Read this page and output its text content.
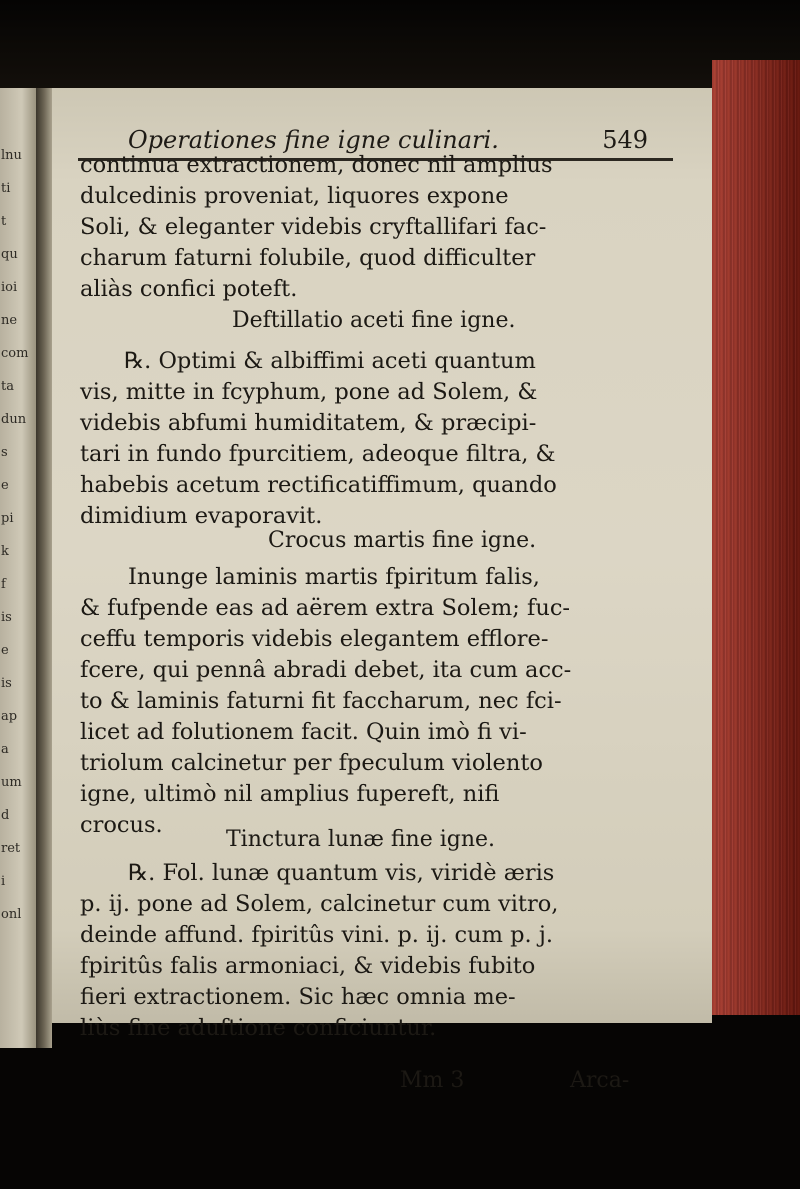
lnu
ti
t
qu
ioi
ne
com
ta
dun
s
e
pi
k
f
is
e
is
ap
a
um
d
ret
i
onl
Operationes fine igne culinari.	549
continua extractionem, donec nil amplius
dulcedinis proveniat, liquores expone
Soli, & eleganter videbis cryftallifari fac-
charum faturni folubile, quod difficulter
aliàs confici poteft.
Deftillatio aceti fine igne.
℞. Optimi & albiffimi aceti quantum
vis, mitte in fcyphum, pone ad Solem, &
videbis abfumi humiditatem, & præcipi-
tari in fundo fpurcitiem, adeoque filtra, &
habebis acetum rectificatiffimum, quando
dimidium evaporavit.
Crocus martis fine igne.
Inunge laminis martis fpiritum falis,
& fufpende eas ad aërem extra Solem; fuc-
ceffu temporis videbis elegantem efflore-
fcere, qui pennâ abradi debet, ita cum acc-
to & laminis faturni fit faccharum, nec fci-
licet ad folutionem facit. Quin imò fi vi-
triolum calcinetur per fpeculum violento
igne, ultimò nil amplius fupereft, nifi
crocus.
Tinctura lunæ fine igne.
℞. Fol. lunæ quantum vis, viridè æris
p. ij. pone ad Solem, calcinetur cum vitro,
deinde affund. fpiritûs vini. p. ij. cum p. j.
fpiritûs falis armoniaci, & videbis fubito
fieri extractionem. Sic hæc omnia me-
liùs fine aduftione conficiuntur.
Mm 3	Arca-
